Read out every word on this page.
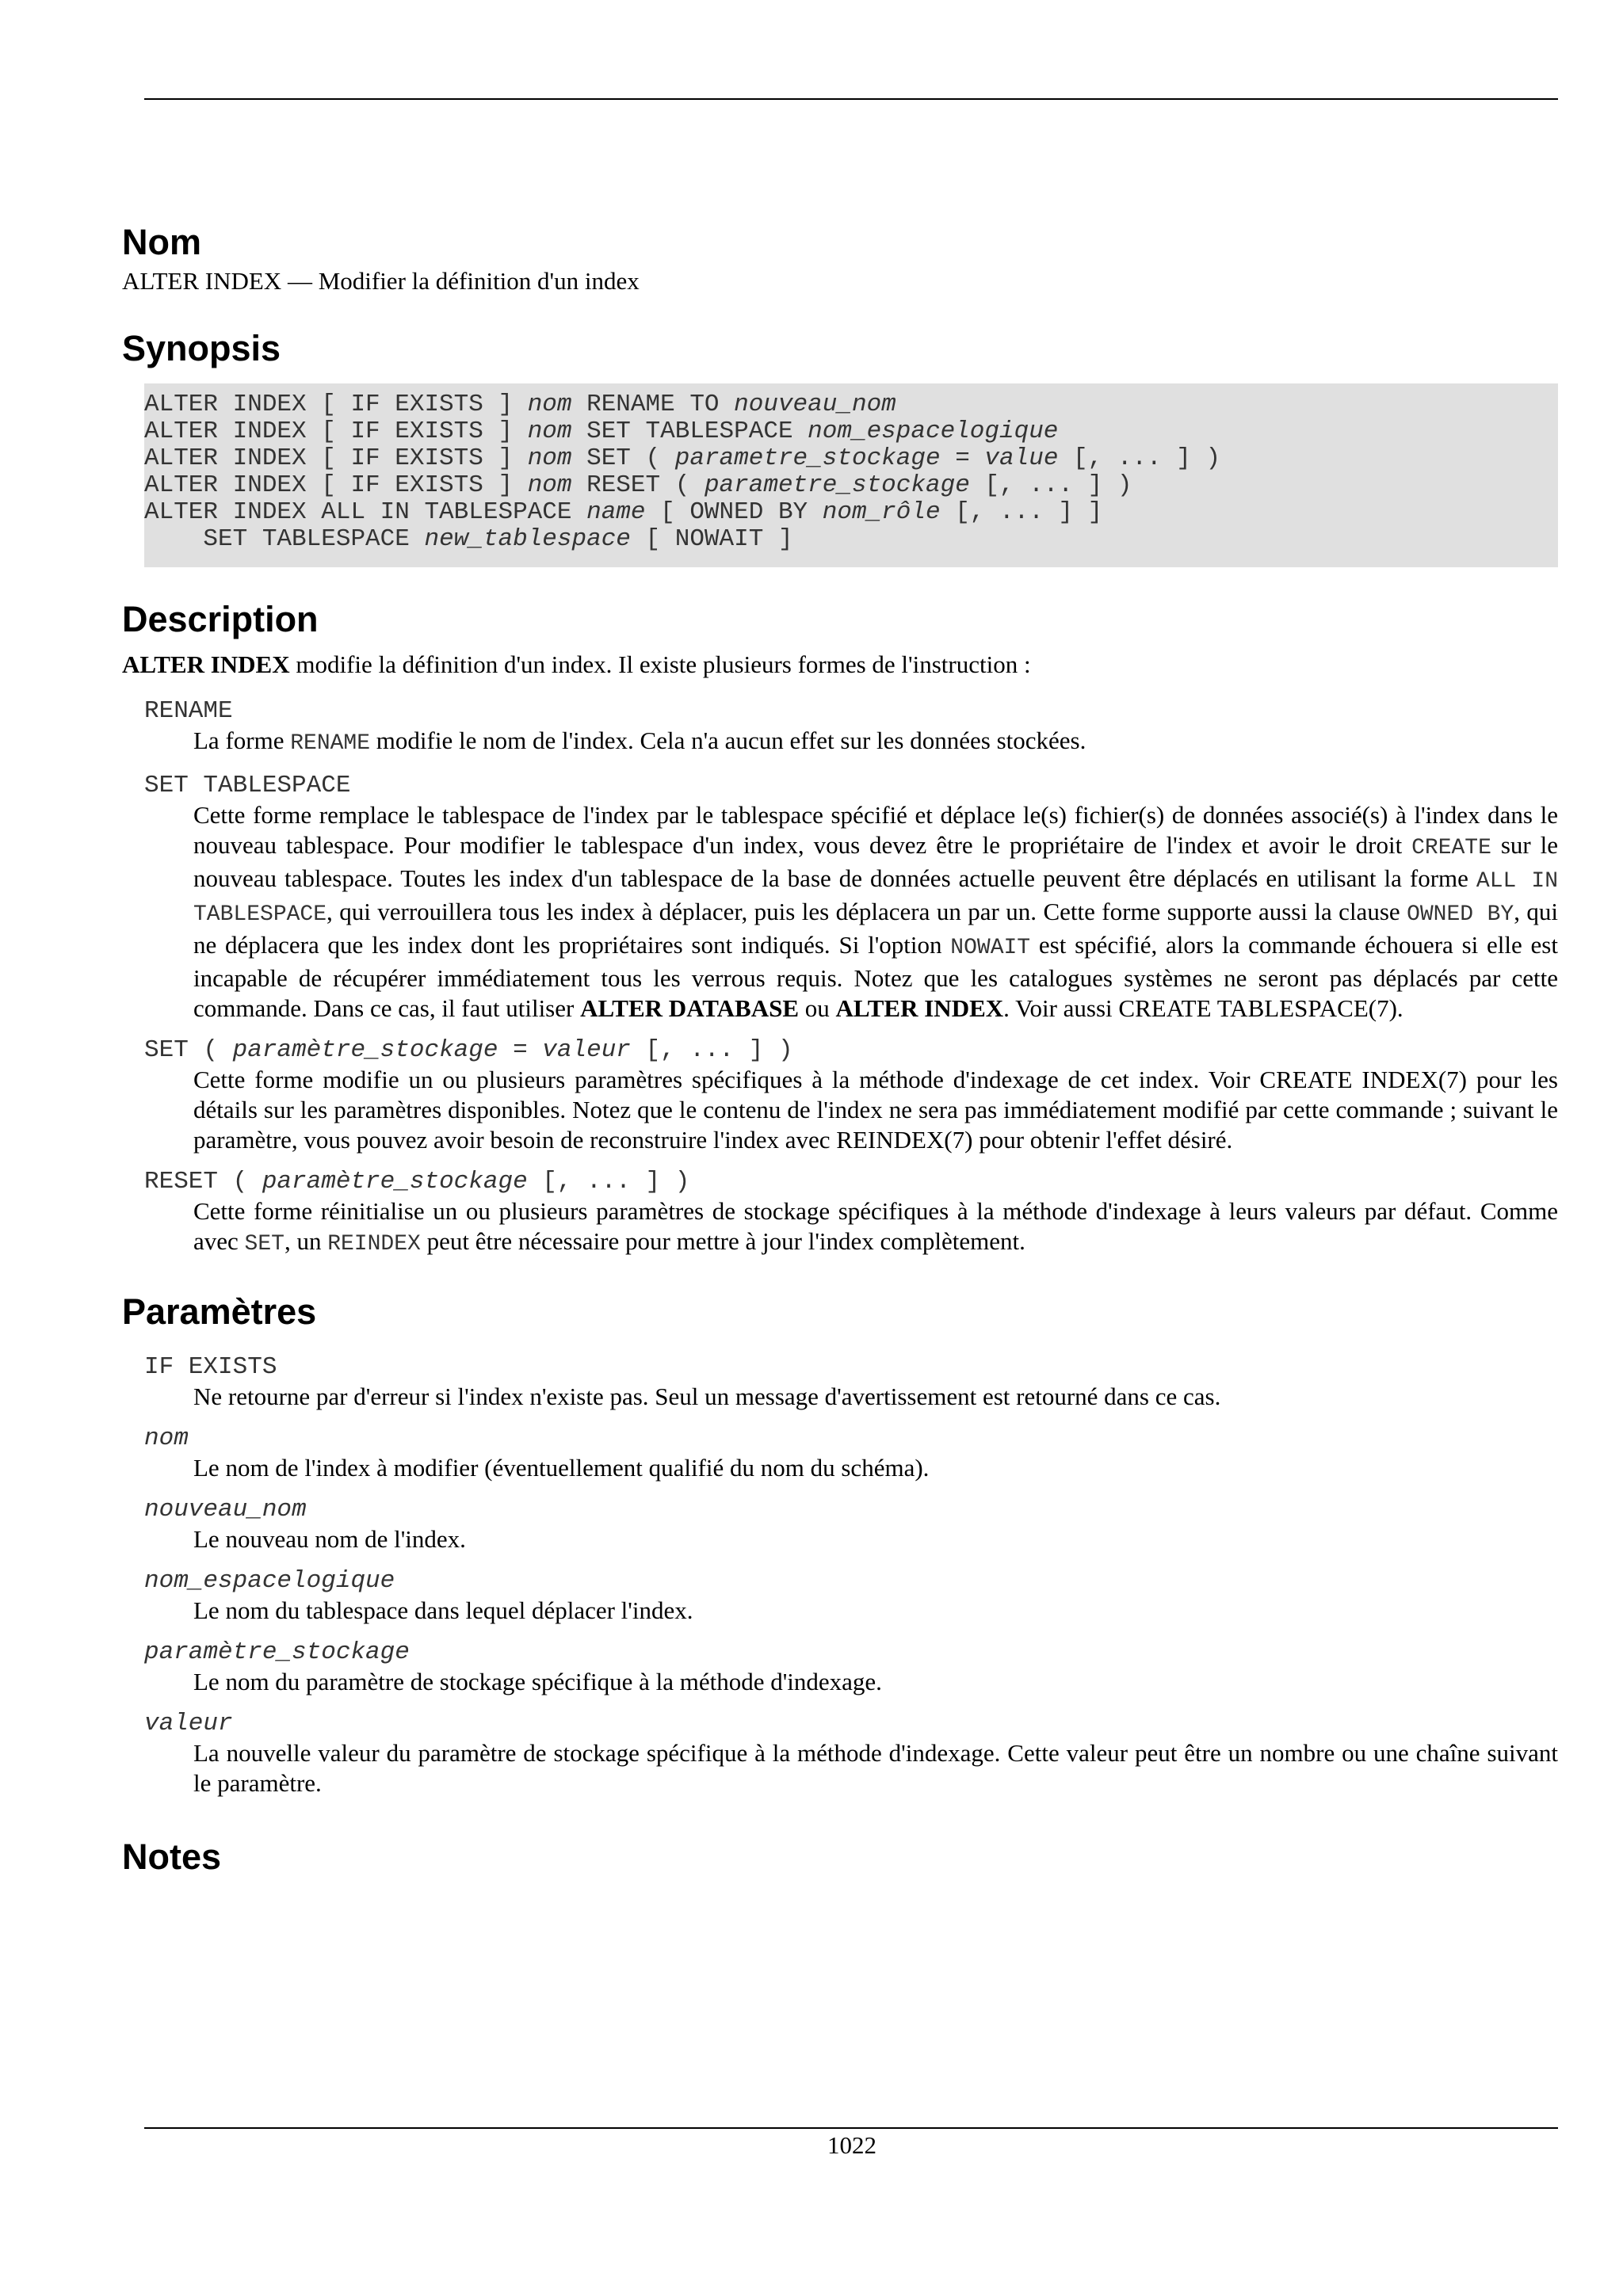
Nom

ALTER INDEX — Modifier la définition d'un index

Synopsis
ALTER INDEX [ IF EXISTS ] nom RENAME TO nouveau_nom
ALTER INDEX [ IF EXISTS ] nom SET TABLESPACE nom_espacelogique
ALTER INDEX [ IF EXISTS ] nom SET ( parametre_stockage = value [, ... ] )
ALTER INDEX [ IF EXISTS ] nom RESET ( parametre_stockage [, ... ] )
ALTER INDEX ALL IN TABLESPACE name [ OWNED BY nom_rôle [, ... ] ]
SET TABLESPACE new_tablespace [ NOWAIT ]
Description

ALTER INDEX modifie la définition d'un index. Il existe plusieurs formes de l'instruction :

RENAME
La forme RENAME modifie le nom de l'index. Cela n'a aucun effet sur les données stockées.
SET TABLESPACE
Cette forme remplace le tablespace de l'index par le tablespace spécifié et déplace le(s) fichier(s) de données associé(s) à l'index dans le nouveau tablespace. Pour modifier le tablespace d'un index, vous devez être le propriétaire de l'index et avoir le droit CREATE sur le nouveau tablespace. Toutes les index d'un tablespace de la base de données actuelle peuvent être déplacés en utilisant la forme ALL IN TABLESPACE, qui verrouillera tous les index à déplacer, puis les déplacera un par un. Cette forme supporte aussi la clause OWNED BY, qui ne déplacera que les index dont les propriétaires sont indiqués. Si l'option NOWAIT est spécifié, alors la commande échouera si elle est incapable de récupérer immédiatement tous les verrous requis. Notez que les catalogues systèmes ne seront pas déplacés par cette commande. Dans ce cas, il faut utiliser ALTER DATABASE ou ALTER INDEX. Voir aussi CREATE TABLESPACE(7).
SET ( paramètre_stockage = valeur [, ... ] )
Cette forme modifie un ou plusieurs paramètres spécifiques à la méthode d'indexage de cet index. Voir CREATE INDEX(7) pour les détails sur les paramètres disponibles. Notez que le contenu de l'index ne sera pas immédiatement modifié par cette commande ; suivant le paramètre, vous pouvez avoir besoin de reconstruire l'index avec REINDEX(7) pour obtenir l'effet désiré.
RESET ( paramètre_stockage [, ... ] )
Cette forme réinitialise un ou plusieurs paramètres de stockage spécifiques à la méthode d'indexage à leurs valeurs par défaut. Comme avec SET, un REINDEX peut être nécessaire pour mettre à jour l'index complètement.
Paramètres
IF EXISTS
Ne retourne par d'erreur si l'index n'existe pas. Seul un message d'avertissement est retourné dans ce cas.
nom
Le nom de l'index à modifier (éventuellement qualifié du nom du schéma).
nouveau_nom
Le nouveau nom de l'index.
nom_espacelogique
Le nom du tablespace dans lequel déplacer l'index.
paramètre_stockage
Le nom du paramètre de stockage spécifique à la méthode d'indexage.
valeur
La nouvelle valeur du paramètre de stockage spécifique à la méthode d'indexage. Cette valeur peut être un nombre ou une chaîne suivant le paramètre.
Notes
1022
